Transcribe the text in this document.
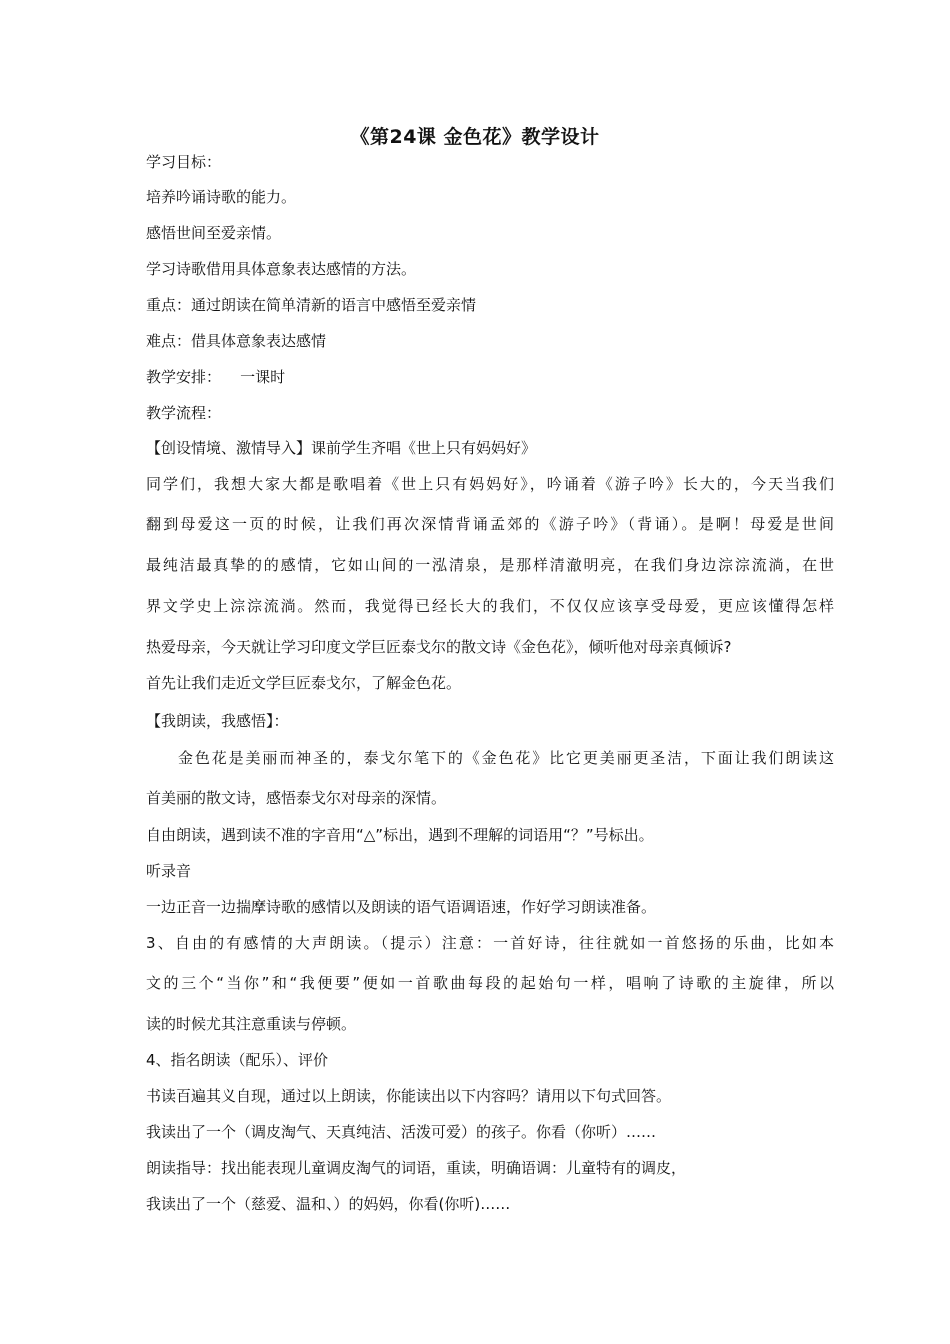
《第24课 金色花》教学设计
学习目标：
培养吟诵诗歌的能力。
感悟世间至爱亲情。
学习诗歌借用具体意象表达感情的方法。
重点：通过朗读在简单清新的语言中感悟至爱亲情
难点：借具体意象表达感情
教学安排：    一课时
教学流程：
【创设情境、激情导入】课前学生齐唱《世上只有妈妈好》
同学们，我想大家大都是歌唱着《世上只有妈妈好》，吟诵着《游子吟》长大的，今天当我们
翻到母爱这一页的时候，让我们再次深情背诵孟郊的《游子吟》（背诵）。是啊！母爱是世间
最纯洁最真挚的的感情，它如山间的一泓清泉，是那样清澈明亮，在我们身边淙淙流淌，在世
界文学史上淙淙流淌。然而，我觉得已经长大的我们，不仅仅应该享受母爱，更应该懂得怎样
热爱母亲，今天就让学习印度文学巨匠泰戈尔的散文诗《金色花》，倾听他对母亲真倾诉?
首先让我们走近文学巨匠泰戈尔，了解金色花。
【我朗读，我感悟】：
金色花是美丽而神圣的，泰戈尔笔下的《金色花》比它更美丽更圣洁，下面让我们朗读这
首美丽的散文诗，感悟泰戈尔对母亲的深情。
自由朗读，遇到读不准的字音用“△”标出，遇到不理解的词语用“？”号标出。
听录音
一边正音一边揣摩诗歌的感情以及朗读的语气语调语速，作好学习朗读准备。
3、自由的有感情的大声朗读。（提示）注意：一首好诗，往往就如一首悠扬的乐曲，比如本
文的三个“当你”和“我便要”便如一首歌曲每段的起始句一样，唱响了诗歌的主旋律，所以
读的时候尤其注意重读与停顿。
4、指名朗读（配乐）、评价
书读百遍其义自现，通过以上朗读，你能读出以下内容吗？请用以下句式回答。
我读出了一个（调皮淘气、天真纯洁、活泼可爱）的孩子。你看（你听）……
朗读指导：找出能表现儿童调皮淘气的词语，重读，明确语调：儿童特有的调皮，
我读出了一个（慈爱、温和、）的妈妈，你看(你听)……
